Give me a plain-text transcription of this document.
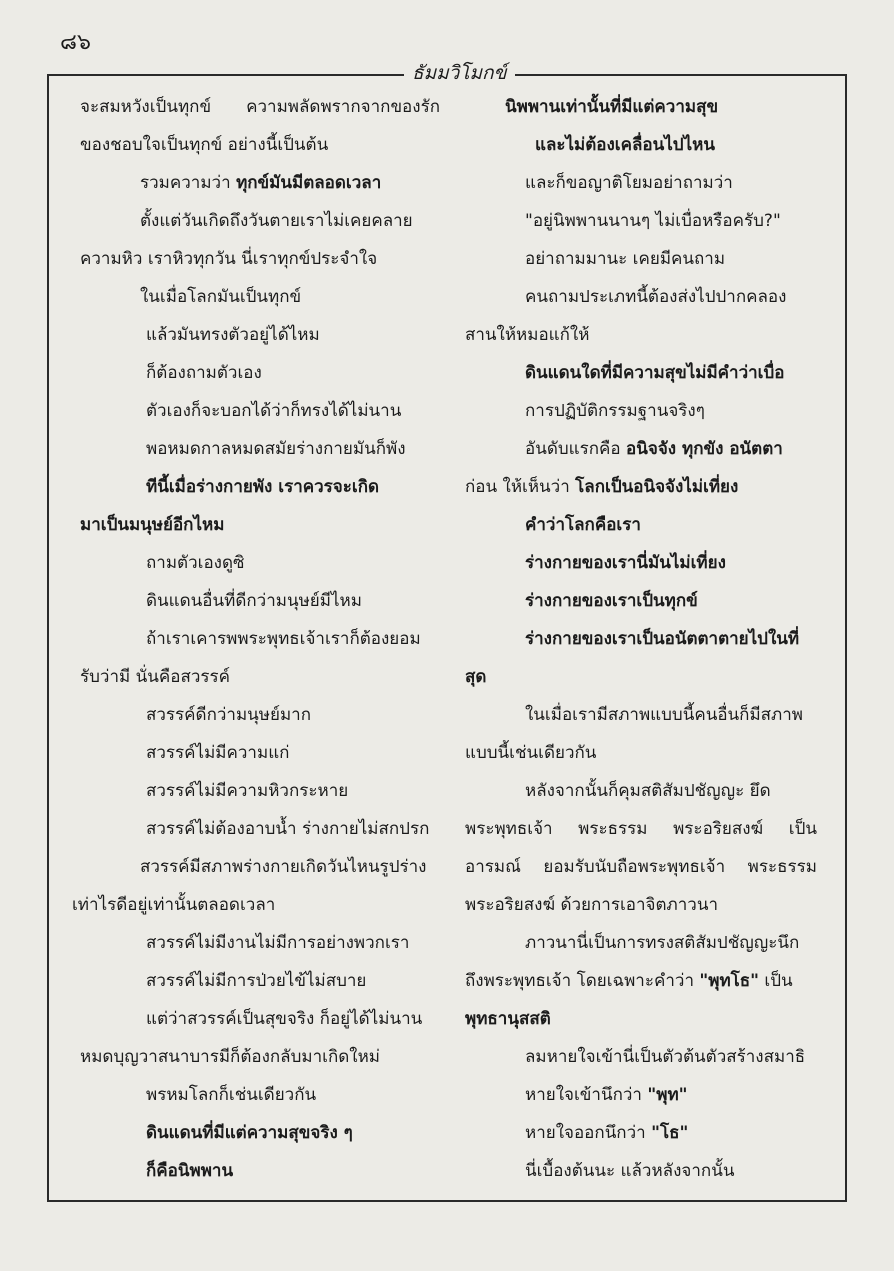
๘๖
ธัมมวิโมกข์
จะสมหวังเป็นทุกข์ ความพลัดพรากจากของรัก
ของชอบใจเป็นทุกข์ อย่างนี้เป็นต้น
รวมความว่า ทุกข์มันมีตลอดเวลา
ตั้งแต่วันเกิดถึงวันตายเราไม่เคยคลาย
ความหิว เราหิวทุกวัน นี่เราทุกข์ประจำใจ
ในเมื่อโลกมันเป็นทุกข์
แล้วมันทรงตัวอยู่ได้ไหม
ก็ต้องถามตัวเอง
ตัวเองก็จะบอกได้ว่าก็ทรงได้ไม่นาน
พอหมดกาลหมดสมัยร่างกายมันก็พัง
ทีนี้เมื่อร่างกายพัง เราควรจะเกิด
มาเป็นมนุษย์อีกไหม
ถามตัวเองดูซิ
ดินแดนอื่นที่ดีกว่ามนุษย์มีไหม
ถ้าเราเคารพพระพุทธเจ้าเราก็ต้องยอม
รับว่ามี นั่นคือสวรรค์
สวรรค์ดีกว่ามนุษย์มาก
สวรรค์ไม่มีความแก่
สวรรค์ไม่มีความหิวกระหาย
สวรรค์ไม่ต้องอาบน้ำ ร่างกายไม่สกปรก
สวรรค์มีสภาพร่างกายเกิดวันไหนรูปร่าง
เท่าไรดีอยู่เท่านั้นตลอดเวลา
สวรรค์ไม่มีงานไม่มีการอย่างพวกเรา
สวรรค์ไม่มีการป่วยไข้ไม่สบาย
แต่ว่าสวรรค์เป็นสุขจริง ก็อยู่ได้ไม่นาน
หมดบุญวาสนาบารมีก็ต้องกลับมาเกิดใหม่
พรหมโลกก็เช่นเดียวกัน
ดินแดนที่มีแต่ความสุขจริง ๆ
ก็คือนิพพาน
นิพพานเท่านั้นที่มีแต่ความสุข
และไม่ต้องเคลื่อนไปไหน
และก็ขอญาติโยมอย่าถามว่า
"อยู่นิพพานนานๆ ไม่เบื่อหรือครับ?"
อย่าถามมานะ เคยมีคนถาม
คนถามประเภทนี้ต้องส่งไปปากคลอง
สานให้หมอแก้ให้
ดินแดนใดที่มีความสุขไม่มีคำว่าเบื่อ
การปฏิบัติกรรมฐานจริงๆ
อันดับแรกคือ อนิจจัง ทุกขัง อนัตตา
ก่อน ให้เห็นว่า โลกเป็นอนิจจังไม่เที่ยง
คำว่าโลกคือเรา
ร่างกายของเรานี่มันไม่เที่ยง
ร่างกายของเราเป็นทุกข์
ร่างกายของเราเป็นอนัตตาตายไปในที่
สุด
ในเมื่อเรามีสภาพแบบนี้คนอื่นก็มีสภาพ
แบบนี้เช่นเดียวกัน
หลังจากนั้นก็คุมสติสัมปชัญญะ ยึด
พระพุทธเจ้า พระธรรม พระอริยสงฆ์ เป็น
อารมณ์ ยอมรับนับถือพระพุทธเจ้า พระธรรม
พระอริยสงฆ์ ด้วยการเอาจิตภาวนา
ภาวนานี่เป็นการทรงสติสัมปชัญญะนึก
ถึงพระพุทธเจ้า โดยเฉพาะคำว่า "พุทโธ" เป็น
พุทธานุสสติ
ลมหายใจเข้านี่เป็นตัวต้นตัวสร้างสมาธิ
หายใจเข้านึกว่า "พุท"
หายใจออกนึกว่า "โธ"
นี่เบื้องต้นนะ แล้วหลังจากนั้น
